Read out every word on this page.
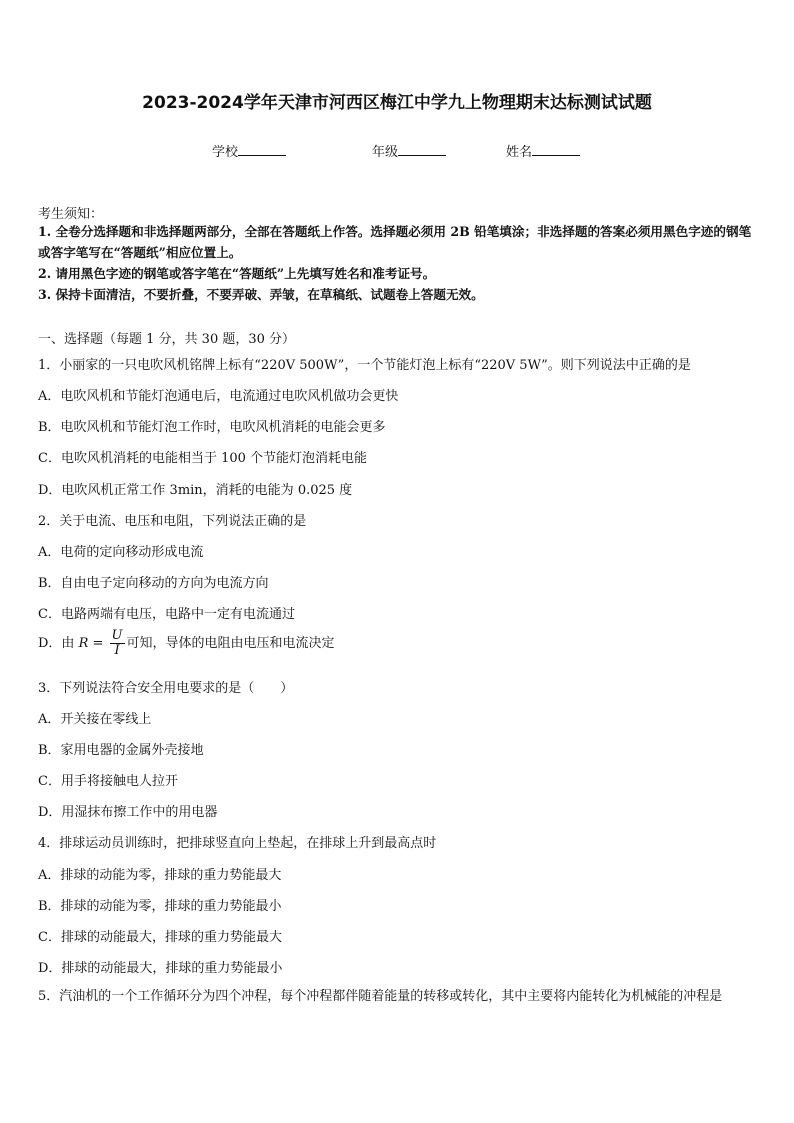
2023-2024学年天津市河西区梅江中学九上物理期末达标测试试题
学校	年级	姓名
考生须知：
1. 全卷分选择题和非选择题两部分，全部在答题纸上作答。选择题必须用 2B 铅笔填涂；非选择题的答案必须用黑色字迹的钢笔或答字笔写在“答题纸”相应位置上。
2. 请用黑色字迹的钢笔或答字笔在“答题纸”上先填写姓名和准考证号。
3. 保持卡面清洁，不要折叠，不要弄破、弄皱，在草稿纸、试题卷上答题无效。
一、选择题（每题 1 分，共 30 题，30 分）
1．小丽家的一只电吹风机铭牌上标有“220V 500W”，一个节能灯泡上标有“220V 5W”。则下列说法中正确的是
A．电吹风机和节能灯泡通电后，电流通过电吹风机做功会更快
B．电吹风机和节能灯泡工作时，电吹风机消耗的电能会更多
C．电吹风机消耗的电能相当于 100 个节能灯泡消耗电能
D．电吹风机正常工作 3min，消耗的电能为 0.025 度
2．关于电流、电压和电阻，下列说法正确的是
A．电荷的定向移动形成电流
B．自由电子定向移动的方向为电流方向
C．电路两端有电压，电路中一定有电流通过
D．由 $R = \frac{U}{I}$ 可知，导体的电阻由电压和电流决定
3．下列说法符合安全用电要求的是（　　）
A．开关接在零线上
B．家用电器的金属外壳接地
C．用手将接触电人拉开
D．用湿抹布擦工作中的用电器
4．排球运动员训练时，把排球竖直向上垫起，在排球上升到最高点时
A．排球的动能为零，排球的重力势能最大
B．排球的动能为零，排球的重力势能最小
C．排球的动能最大，排球的重力势能最大
D．排球的动能最大，排球的重力势能最小
5．汽油机的一个工作循环分为四个冲程，每个冲程都伴随着能量的转移或转化，其中主要将内能转化为机械能的冲程是
